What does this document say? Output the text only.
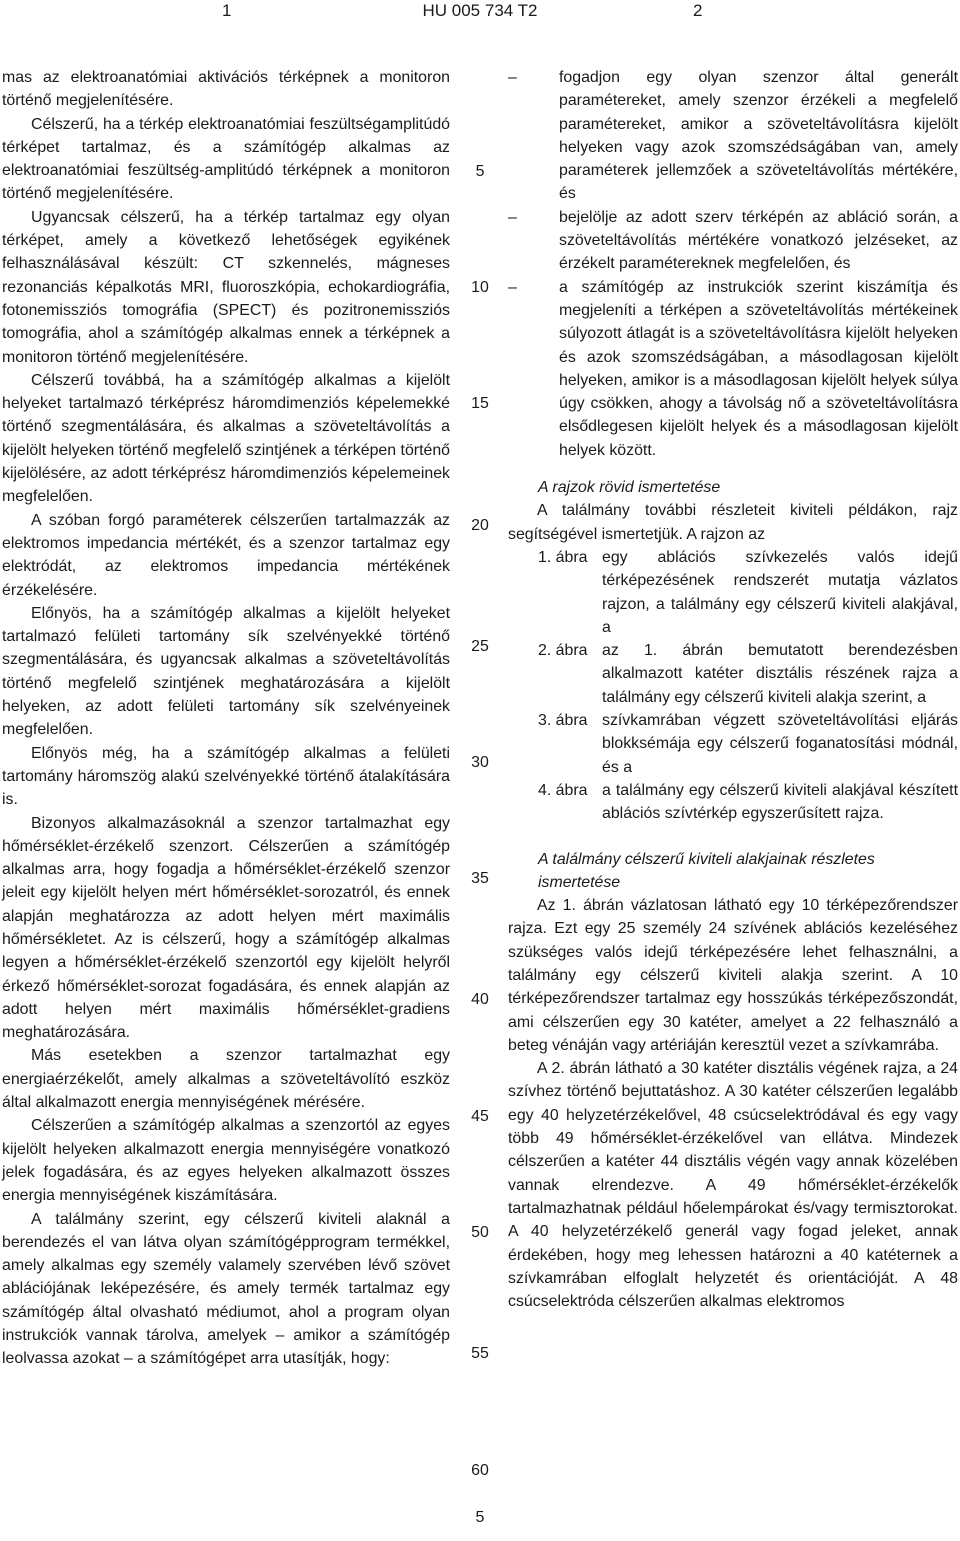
1	HU 005 734 T2	2

mas az elektroanatómiai aktivációs térképnek a monitoron történő megjelenítésére.

Célszerű, ha a térkép elektroanatómiai feszültségamplitúdó térképet tartalmaz, és a számítógép alkalmas az elektroanatómiai feszültség-amplitúdó térképnek a monitoron történő megjelenítésére.

Ugyancsak célszerű, ha a térkép tartalmaz egy olyan térképet, amely a következő lehetőségek egyikének felhasználásával készült: CT szkennelés, mágneses rezonanciás képalkotás MRI, fluoroszkópia, echokardiográfia, fotonemissziós tomográfia (SPECT) és pozitronemissziós tomográfia, ahol a számítógép alkalmas ennek a térképnek a monitoron történő megjelenítésére.

Célszerű továbbá, ha a számítógép alkalmas a kijelölt helyeket tartalmazó térképrész háromdimenziós képelemekké történő szegmentálására, és alkalmas a szöveteltávolítás a kijelölt helyeken történő megfelelő szintjének a térképen történő kijelölésére, az adott térképrész háromdimenziós képelemeinek megfelelően.

A szóban forgó paraméterek célszerűen tartalmazzák az elektromos impedancia mértékét, és a szenzor tartalmaz egy elektródát, az elektromos impedancia mértékének érzékelésére.

Előnyös, ha a számítógép alkalmas a kijelölt helyeket tartalmazó felületi tartomány sík szelvényekké történő szegmentálására, és ugyancsak alkalmas a szöveteltávolítás történő megfelelő szintjének meghatározására a kijelölt helyeken, az adott felületi tartomány sík szelvényeinek megfelelően.

Előnyös még, ha a számítógép alkalmas a felületi tartomány háromszög alakú szelvényekké történő átalakítására is.

Bizonyos alkalmazásoknál a szenzor tartalmazhat egy hőmérséklet-érzékelő szenzort. Célszerűen a számítógép alkalmas arra, hogy fogadja a hőmérséklet-érzékelő szenzor jeleit egy kijelölt helyen mért hőmérséklet-sorozatról, és ennek alapján meghatározza az adott helyen mért maximális hőmérsékletet. Az is célszerű, hogy a számítógép alkalmas legyen a hőmérséklet-érzékelő szenzortól egy kijelölt helyről érkező hőmérséklet-sorozat fogadására, és ennek alapján az adott helyen mért maximális hőmérséklet-gradiens meghatározására.

Más esetekben a szenzor tartalmazhat egy energiaérzékelőt, amely alkalmas a szöveteltávolító eszköz által alkalmazott energia mennyiségének mérésére.

Célszerűen a számítógép alkalmas a szenzortól az egyes kijelölt helyeken alkalmazott energia mennyiségére vonatkozó jelek fogadására, és az egyes helyeken alkalmazott összes energia mennyiségének kiszámítására.

A találmány szerint, egy célszerű kiviteli alaknál a berendezés el van látva olyan számítógépprogram termékkel, amely alkalmas egy személy valamely szervében lévő szövet ablációjának leképezésére, és amely termék tartalmaz egy számítógép által olvasható médiumot, ahol a program olyan instrukciók vannak tárolva, amelyek – amikor a számítógép leolvassa azokat – a számítógépet arra utasítják, hogy:

–	fogadjon egy olyan szenzor által generált paramétereket, amely szenzor érzékeli a megfelelő paramétereket, amikor a szöveteltávolításra kijelölt helyeken vagy azok szomszédságában van, amely paraméterek jellemzőek a szöveteltávolítás mértékére, és

–	bejelölje az adott szerv térképén az abláció során, a szöveteltávolítás mértékére vonatkozó jelzéseket, az érzékelt paramétereknek megfelelően, és

–	a számítógép az instrukciók szerint kiszámítja és megjeleníti a térképen a szöveteltávolítás mértékeinek súlyozott átlagát is a szöveteltávolításra kijelölt helyeken és azok szomszédságában, a másodlagosan kijelölt helyeken, amikor is a másodlagosan kijelölt helyek súlya úgy csökken, ahogy a távolság nő a szöveteltávolításra elsődlegesen kijelölt helyek és a másodlagosan kijelölt helyek között.

A rajzok rövid ismertetése

A találmány további részleteit kiviteli példákon, rajz segítségével ismertetjük. A rajzon az

1. ábra egy ablációs szívkezelés valós idejű térképezésének rendszerét mutatja vázlatos rajzon, a találmány egy célszerű kiviteli alakjával, a
2. ábra az 1. ábrán bemutatott berendezésben alkalmazott katéter disztális részének rajza a találmány egy célszerű kiviteli alakja szerint, a
3. ábra szívkamrában végzett szöveteltávolítási eljárás blokksémája egy célszerű foganatosítási módnál, és a
4. ábra a találmány egy célszerű kiviteli alakjával készített ablációs szívtérkép egyszerűsített rajza.

A találmány célszerű kiviteli alakjainak részletes ismertetése

Az 1. ábrán vázlatosan látható egy 10 térképezőrendszer rajza. Ezt egy 25 személy 24 szívének ablációs kezeléséhez szükséges valós idejű térképezésére lehet felhasználni, a találmány egy célszerű kiviteli alakja szerint. A 10 térképezőrendszer tartalmaz egy hosszúkás térképezőszondát, ami célszerűen egy 30 katéter, amelyet a 22 felhasználó a beteg vénáján vagy artériáján keresztül vezet a szívkamrába.

A 2. ábrán látható a 30 katéter disztális végének rajza, a 24 szívhez történő bejuttatáshoz. A 30 katéter célszerűen legalább egy 40 helyzetérzékelővel, 48 csúcselektródával és egy vagy több 49 hőmérséklet-érzékelővel van ellátva. Mindezek célszerűen a katéter 44 disztális végén vagy annak közelében vannak elrendezve. A 49 hőmérséklet-érzékelők tartalmazhatnak például hőelempárokat és/vagy termisztorokat. A 40 helyzetérzékelő generál vagy fogad jeleket, annak érdekében, hogy meg lehessen határozni a 40 katéternek a szívkamrában elfoglalt helyzetét és orientációját. A 48 csúcselektróda célszerűen alkalmas elektromos

5
10
15
20
25
30
35
40
45
50
55
60
5
